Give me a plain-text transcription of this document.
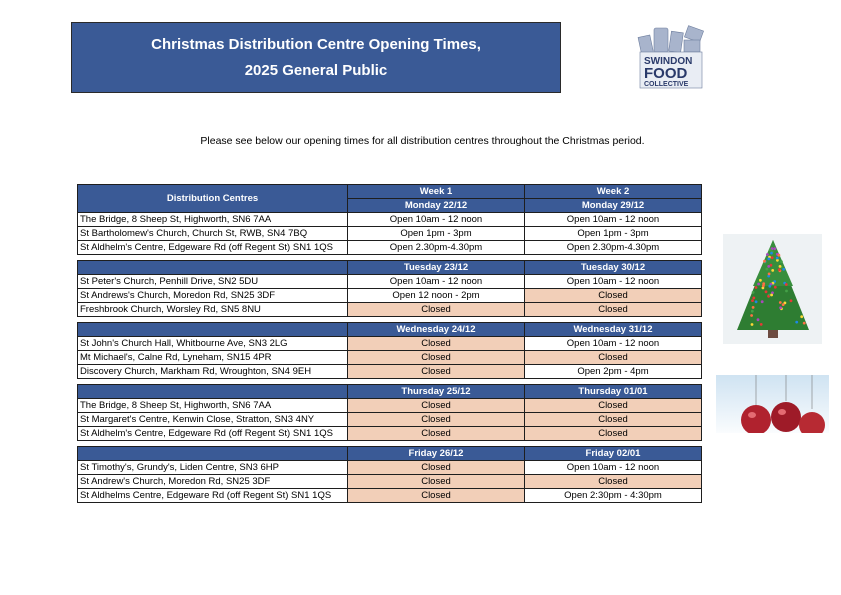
Christmas Distribution Centre Opening Times,
2025 General Public	SWINDON
FOOD
COLLECTIVE
Please see below our opening times for all distribution centres throughout the Christmas period.
Distribution Centres	Week 1	Week 2
	Monday 22/12	Monday 29/12
The Bridge, 8 Sheep St, Highworth, SN6 7AA	Open 10am - 12 noon	Open 10am - 12 noon
St Bartholomew's Church, Church St, RWB, SN4 7BQ	Open 1pm - 3pm	Open 1pm - 3pm
St Aldhelm's Centre, Edgeware Rd (off Regent St) SN1 1QS	Open 2.30pm-4.30pm	Open 2.30pm-4.30pm

	Tuesday 23/12	Tuesday 30/12
St Peter's Church, Penhill Drive, SN2 5DU	Open 10am - 12 noon	Open 10am - 12 noon
St Andrews's Church, Moredon Rd, SN25 3DF	Open 12 noon - 2pm	Closed
Freshbrook Church, Worsley Rd, SN5 8NU	Closed	Closed

	Wednesday 24/12	Wednesday 31/12
St John's Church Hall, Whitbourne Ave, SN3 2LG	Closed	Open 10am - 12 noon
Mt Michael's, Calne Rd, Lyneham, SN15 4PR	Closed	Closed
Discovery Church, Markham Rd, Wroughton, SN4 9EH	Closed	Open 2pm - 4pm

	Thursday 25/12	Thursday 01/01
The Bridge, 8 Sheep St, Highworth, SN6 7AA	Closed	Closed
St Margaret's Centre, Kenwin Close, Stratton, SN3 4NY	Closed	Closed
St Aldhelm's Centre, Edgeware Rd (off Regent St) SN1 1QS	Closed	Closed

	Friday 26/12	Friday 02/01
St Timothy's, Grundy's, Liden Centre, SN3 6HP	Closed	Open 10am - 12 noon
St Andrew's Church, Moredon Rd, SN25 3DF	Closed	Closed
St Aldhelms Centre, Edgeware Rd (off Regent St) SN1 1QS	Closed	Open 2:30pm - 4:30pm
